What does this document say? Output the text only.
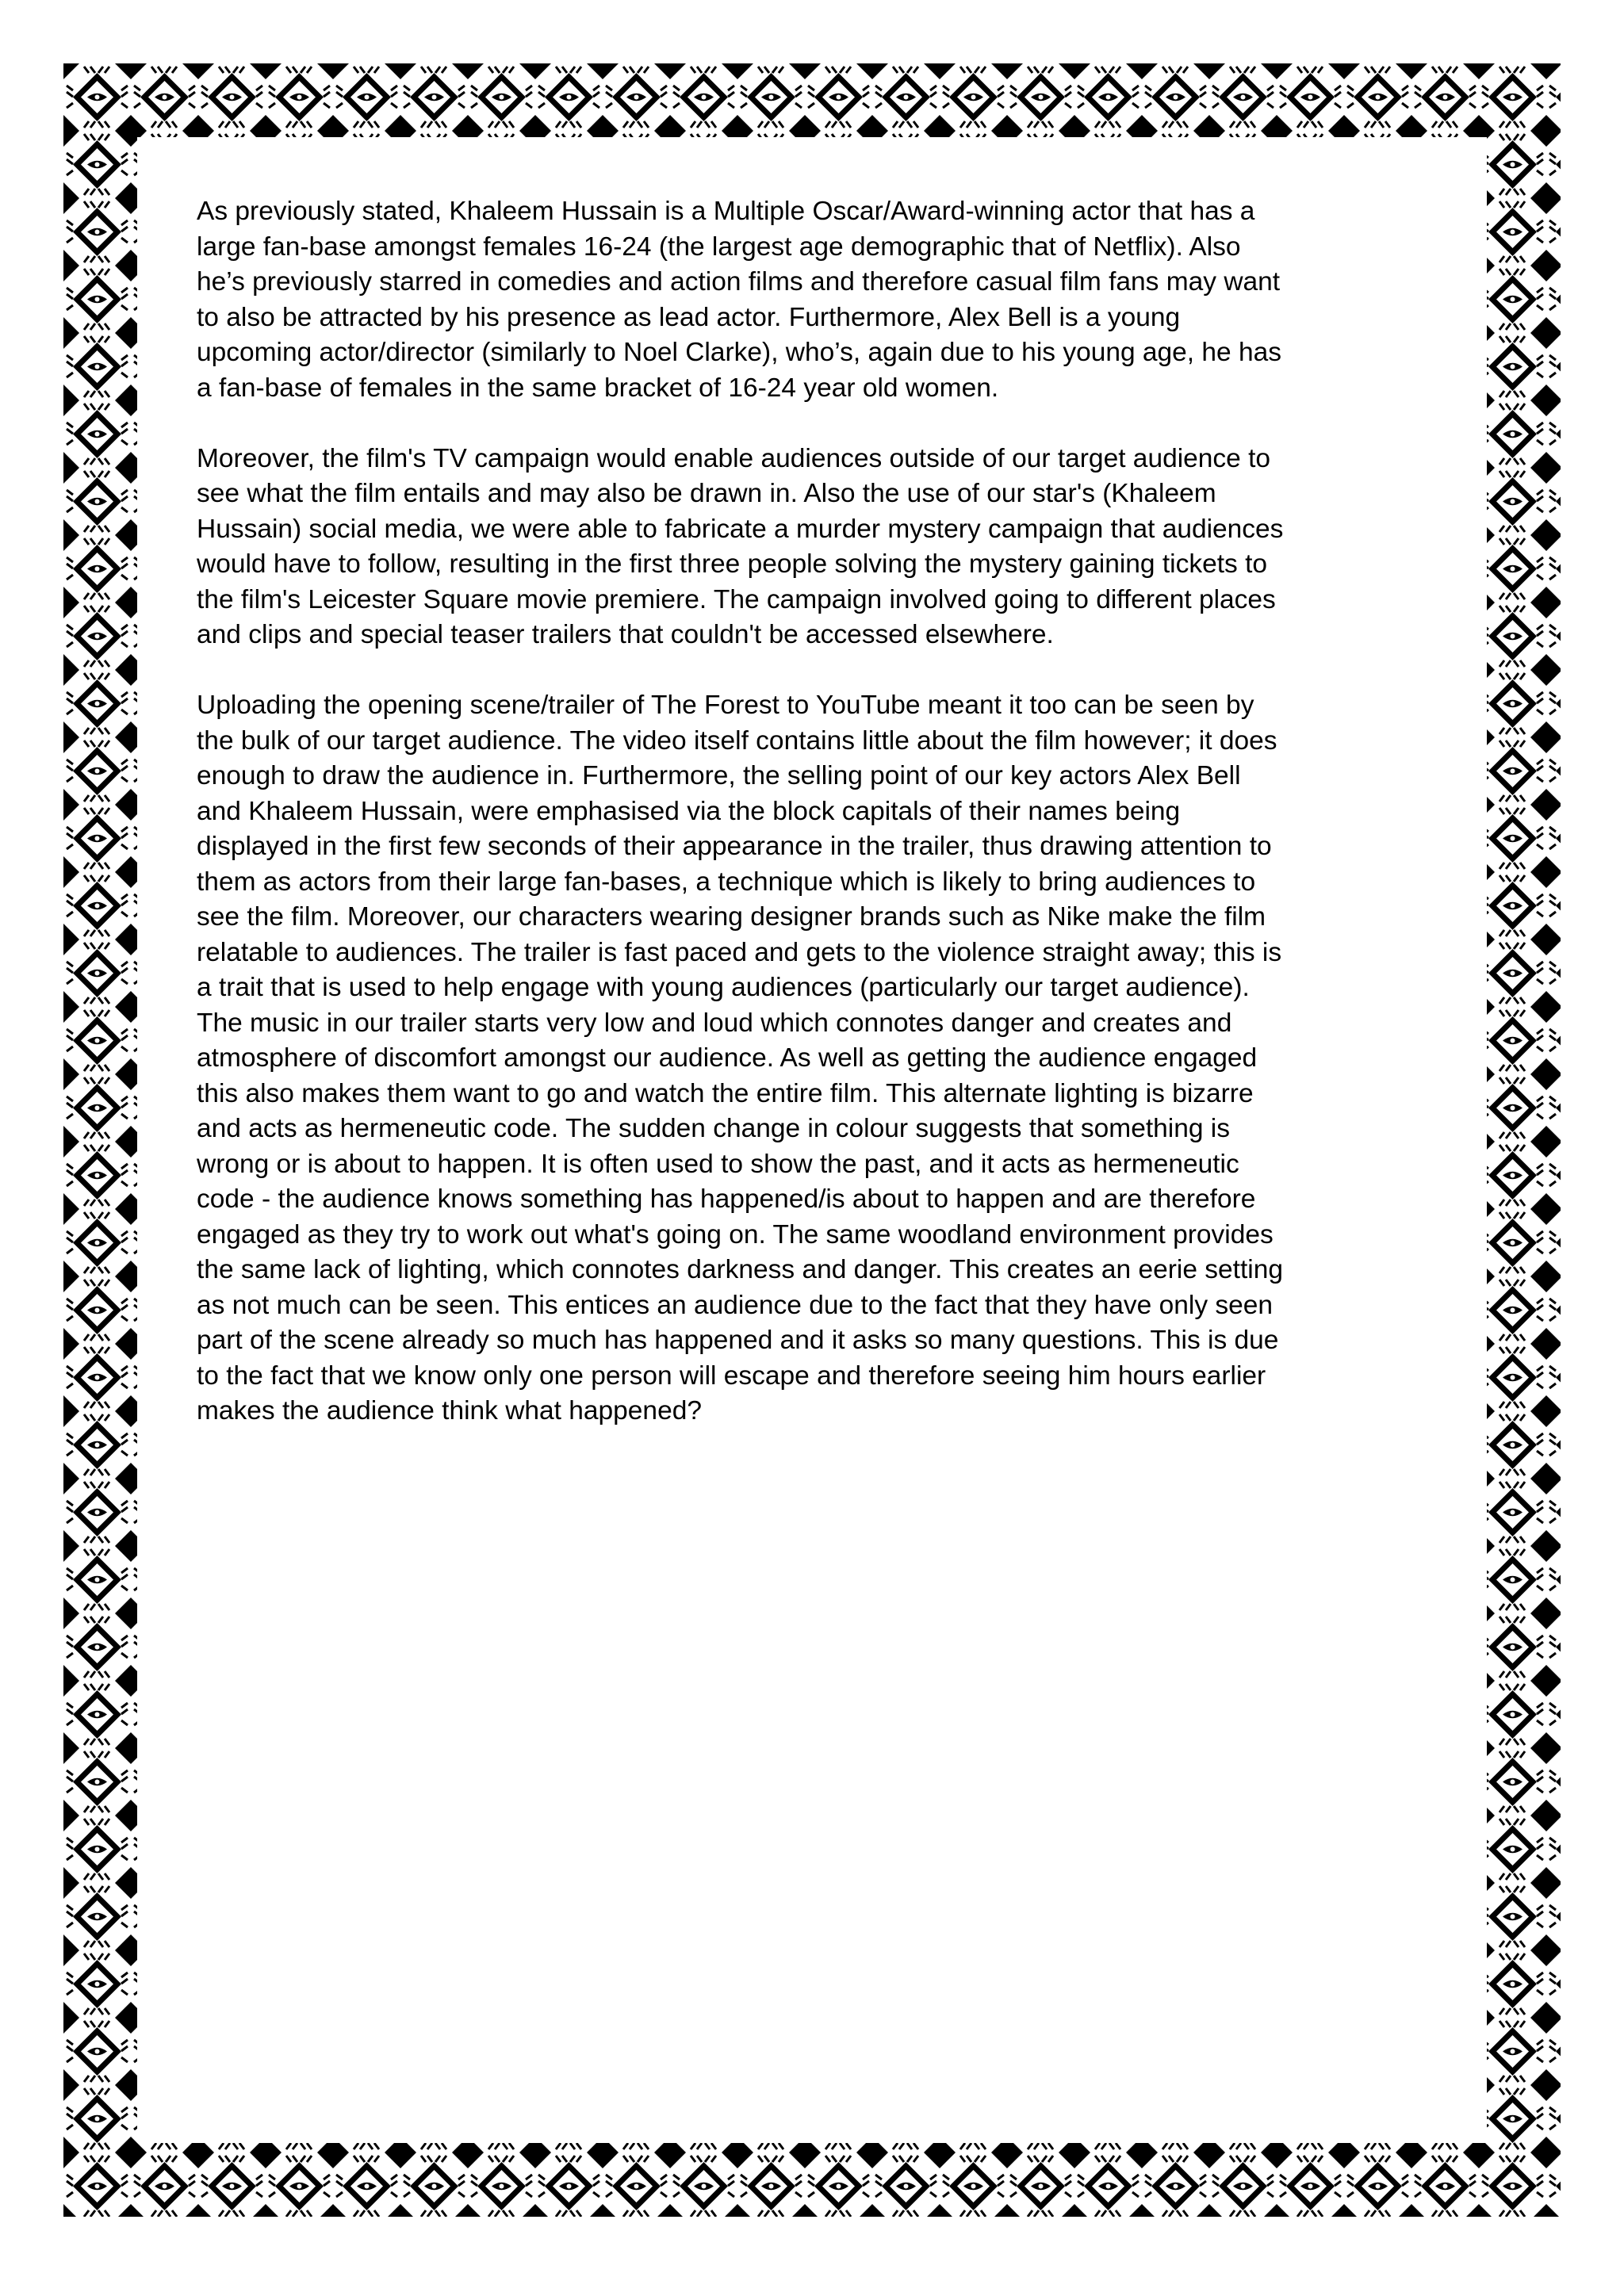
As previously stated, Khaleem Hussain is a Multiple Oscar/Award-winning actor that has a
large fan-base amongst females 16-24 (the largest age demographic that of Netflix). Also
he’s previously starred in comedies and action films and therefore casual film fans may want
to also be attracted by his presence as lead actor. Furthermore, Alex Bell is a young
upcoming actor/director (similarly to Noel Clarke), who’s, again due to his young age, he has
a fan-base of females in the same bracket of 16-24 year old women.

Moreover, the film's TV campaign would enable audiences outside of our target audience to
see what the film entails and may also be drawn in. Also the use of our star's (Khaleem
Hussain) social media, we were able to fabricate a murder mystery campaign that audiences
would have to follow, resulting in the first three people solving the mystery gaining tickets to
the film's Leicester Square movie premiere. The campaign involved going to different places
and clips and special teaser trailers that couldn't be accessed elsewhere.

Uploading the opening scene/trailer of The Forest to YouTube meant it too can be seen by
the bulk of our target audience. The video itself contains little about the film however; it does
enough to draw the audience in. Furthermore, the selling point of our key actors Alex Bell
and Khaleem Hussain, were emphasised via the block capitals of their names being
displayed in the first few seconds of their appearance in the trailer, thus drawing attention to
them as actors from their large fan-bases, a technique which is likely to bring audiences to
see the film. Moreover, our characters wearing designer brands such as Nike make the film
relatable to audiences. The trailer is fast paced and gets to the violence straight away; this is
a trait that is used to help engage with young audiences (particularly our target audience).
The music in our trailer starts very low and loud which connotes danger and creates and
atmosphere of discomfort amongst our audience. As well as getting the audience engaged
this also makes them want to go and watch the entire film. This alternate lighting is bizarre
and acts as hermeneutic code. The sudden change in colour suggests that something is
wrong or is about to happen. It is often used to show the past, and it acts as hermeneutic
code - the audience knows something has happened/is about to happen and are therefore
engaged as they try to work out what's going on. The same woodland environment provides
the same lack of lighting, which connotes darkness and danger. This creates an eerie setting
as not much can be seen. This entices an audience due to the fact that they have only seen
part of the scene already so much has happened and it asks so many questions. This is due
to the fact that we know only one person will escape and therefore seeing him hours earlier
makes the audience think what happened?
